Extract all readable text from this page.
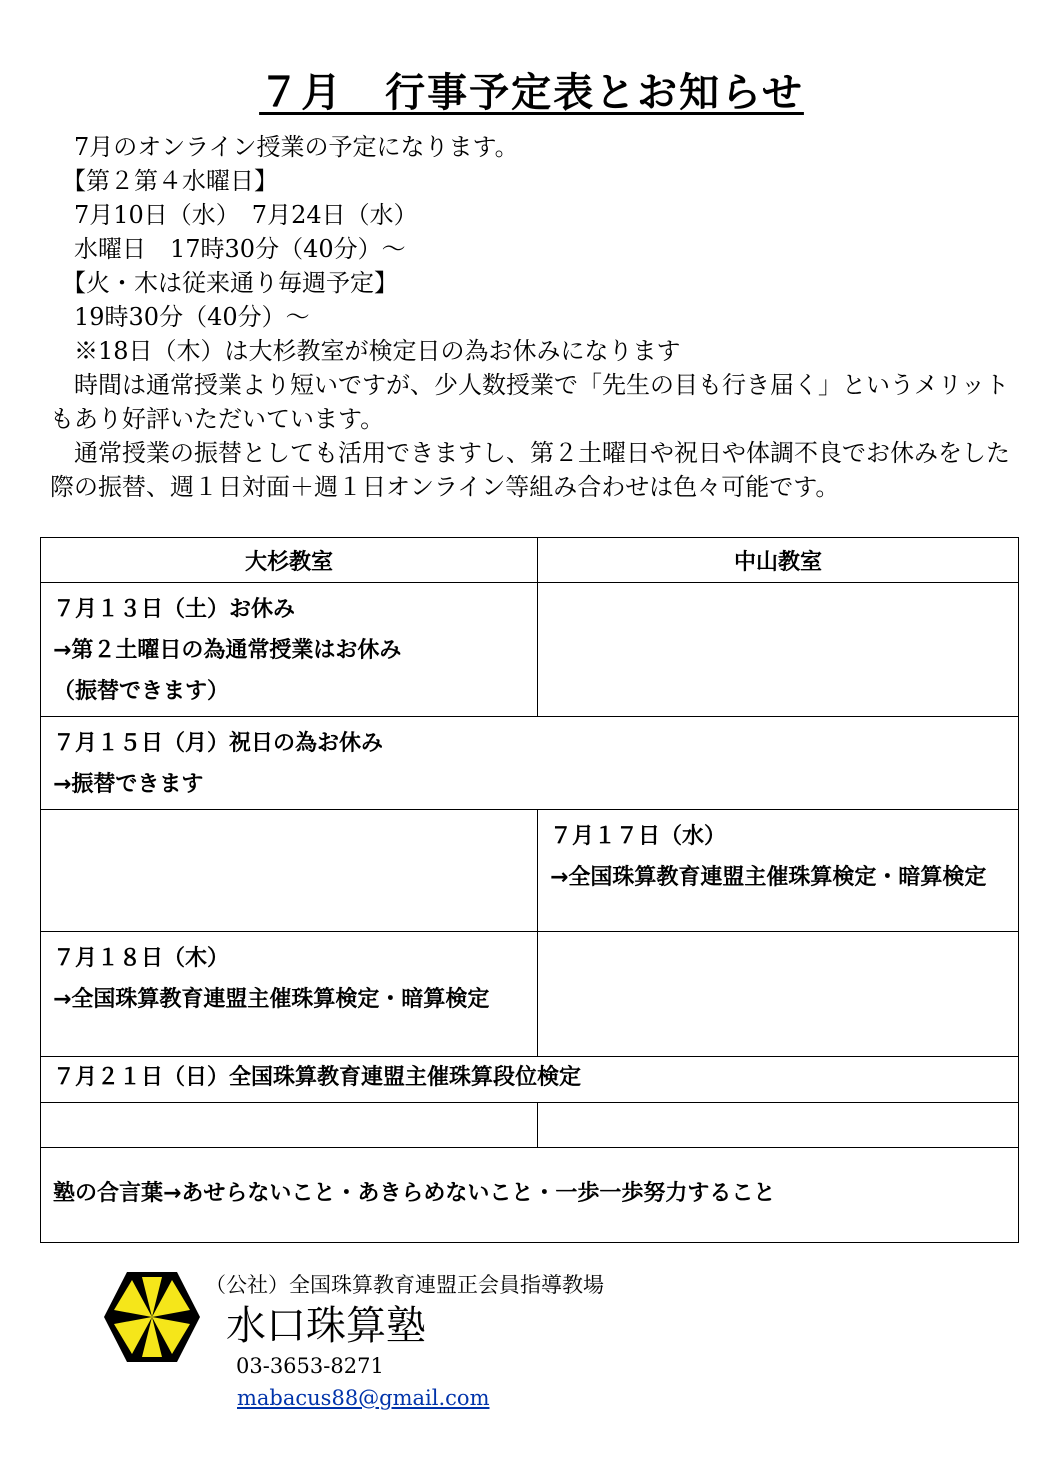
７月　行事予定表とお知らせ

　7月のオンライン授業の予定になります。

　【第２第４水曜日】

　7月10日（水）　7月24日（水）

　水曜日　17時30分（40分）～

　【火・木は従来通り毎週予定】

　19時30分（40分）～

　※18日（木）は大杉教室が検定日の為お休みになります

　時間は通常授業より短いですが、少人数授業で「先生の目も行き届く」というメリットもあり好評いただいています。

　通常授業の振替としても活用できますし、第２土曜日や祝日や体調不良でお休みをした際の振替、週１日対面＋週１日オンライン等組み合わせは色々可能です。

大杉教室	中山教室

７月１３日（土）お休み
→第２土曜日の為通常授業はお休み
（振替できます）	

７月１５日（月）祝日の為お休み
→振替できます	

	７月１７日（水）
→全国珠算教育連盟主催珠算検定・暗算検定

７月１８日（木）
→全国珠算教育連盟主催珠算検定・暗算検定	

７月２１日（日）全国珠算教育連盟主催珠算段位検定	

塾の合言葉→あせらないこと・あきらめないこと・一歩一歩努力すること	
（公社）全国珠算教育連盟正会員指導教場
水口珠算塾
03-3653-8271
mabacus88@gmail.com
